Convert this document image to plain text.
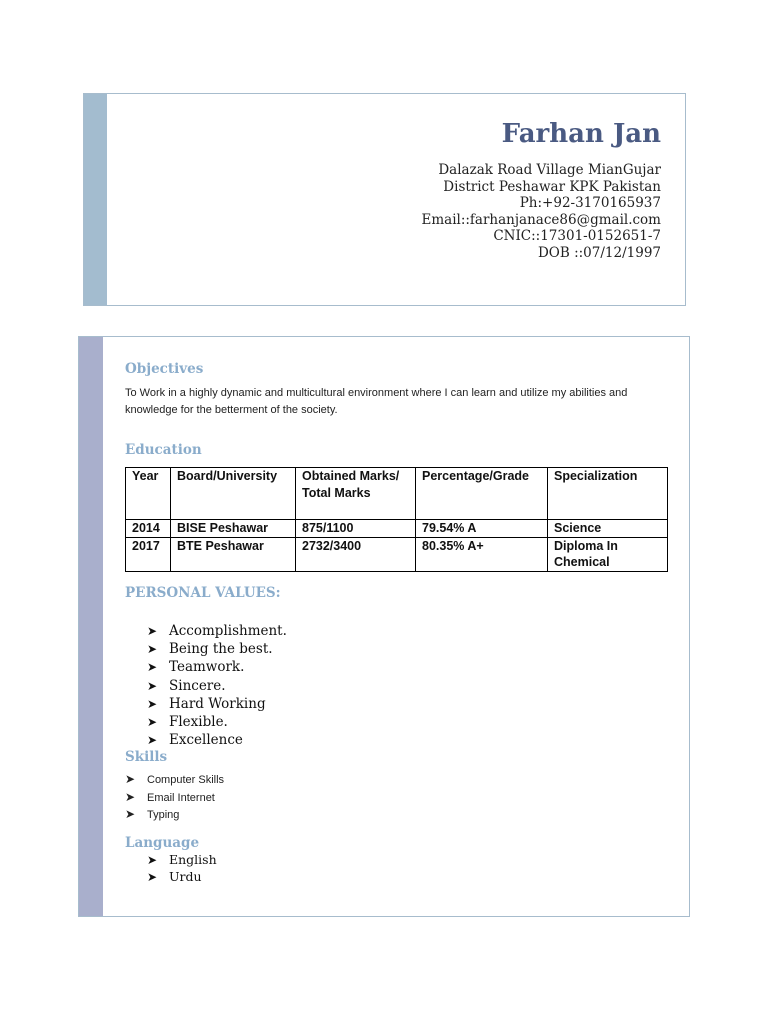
Farhan Jan
Dalazak Road Village MianGujar
District Peshawar KPK Pakistan
Ph:+92-3170165937
Email::farhanjanace86@gmail.com
CNIC::17301-0152651-7
DOB ::07/12/1997
Objectives
To Work in a highly dynamic and multicultural environment where I can learn and utilize my abilities and knowledge for the betterment of the society.
Education
Year	Board/University	Obtained Marks/ Total Marks	Percentage/Grade	Specialization
2014	BISE Peshawar	875/1100	79.54% A	Science
2017	BTE Peshawar	2732/3400	80.35% A+	Diploma In Chemical
PERSONAL VALUES:
➤ Accomplishment.
➤ Being the best.
➤ Teamwork.
➤ Sincere.
➤ Hard Working
➤ Flexible.
➤ Excellence
Skills
➤ Computer Skills
➤ Email Internet
➤ Typing
Language
➤ English
➤ Urdu
